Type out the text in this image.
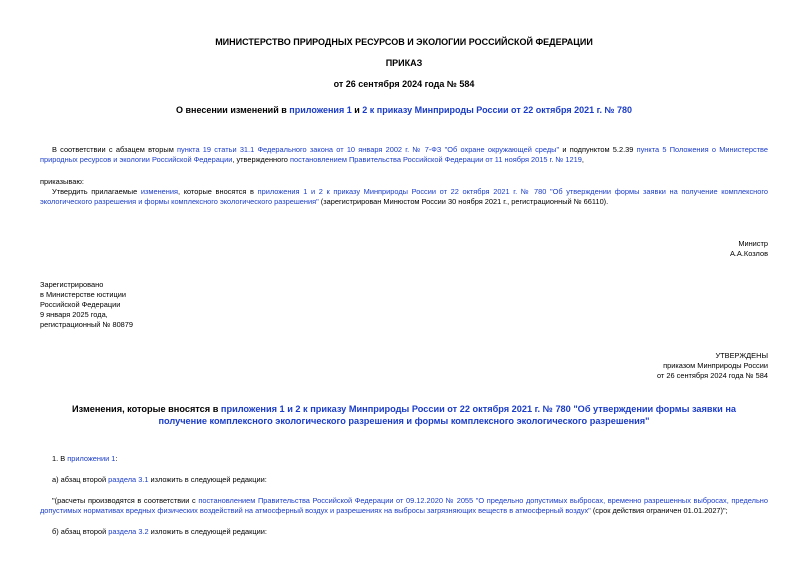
МИНИСТЕРСТВО ПРИРОДНЫХ РЕСУРСОВ И ЭКОЛОГИИ РОССИЙСКОЙ ФЕДЕРАЦИИ
ПРИКАЗ
от 26 сентября 2024 года № 584
О внесении изменений в приложения 1 и 2 к приказу Минприроды России от 22 октября 2021 г. № 780
В соответствии с абзацем вторым пункта 19 статьи 31.1 Федерального закона от 10 января 2002 г. № 7-ФЗ "Об охране окружающей среды" и подпунктом 5.2.39 пункта 5 Положения о Министерстве природных ресурсов и экологии Российской Федерации, утвержденного постановлением Правительства Российской Федерации от 11 ноября 2015 г. № 1219,
приказываю:
Утвердить прилагаемые изменения, которые вносятся в приложения 1 и 2 к приказу Минприроды России от 22 октября 2021 г. № 780 "Об утверждении формы заявки на получение комплексного экологического разрешения и формы комплексного экологического разрешения" (зарегистрирован Минюстом России 30 ноября 2021 г., регистрационный № 66110).
Министр
А.А.Козлов
Зарегистрировано
в Министерстве юстиции
Российской Федерации
9 января 2025 года,
регистрационный № 80879
УТВЕРЖДЕНЫ
приказом Минприроды России
от 26 сентября 2024 года № 584
Изменения, которые вносятся в приложения 1 и 2 к приказу Минприроды России от 22 октября 2021 г. № 780 "Об утверждении формы заявки на получение комплексного экологического разрешения и формы комплексного экологического разрешения"
1. В приложении 1:
а) абзац второй раздела 3.1 изложить в следующей редакции:
"(расчеты производятся в соответствии с постановлением Правительства Российской Федерации от 09.12.2020 № 2055 "О предельно допустимых выбросах, временно разрешенных выбросах, предельно допустимых нормативах вредных физических воздействий на атмосферный воздух и разрешениях на выбросы загрязняющих веществ в атмосферный воздух" (срок действия ограничен 01.01.2027)";
б) абзац второй раздела 3.2 изложить в следующей редакции:
